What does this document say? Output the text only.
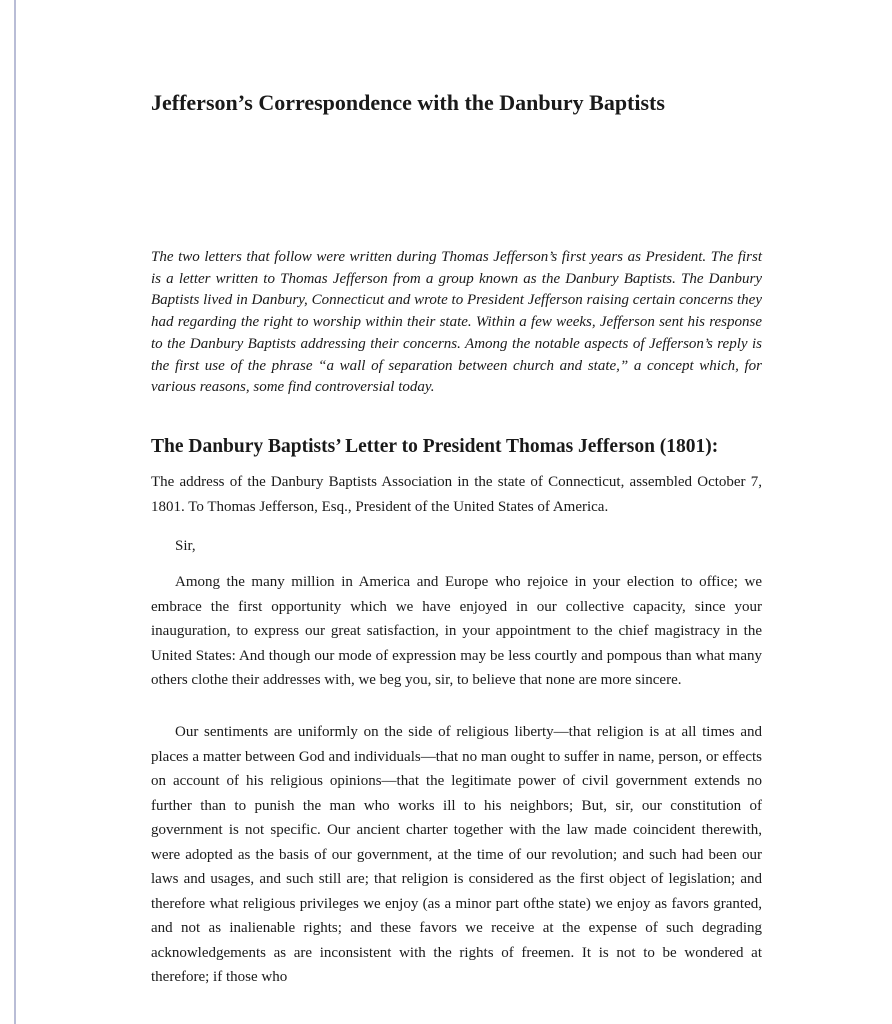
Jefferson’s Correspondence with the Danbury Baptists

The two letters that follow were written during Thomas Jefferson’s first years as President. The first is a letter written to Thomas Jefferson from a group known as the Danbury Baptists. The Danbury Baptists lived in Danbury, Connecticut and wrote to President Jefferson raising certain concerns they had regarding the right to worship within their state. Within a few weeks, Jefferson sent his response to the Danbury Baptists addressing their concerns. Among the notable aspects of Jefferson’s reply is the first use of the phrase “a wall of separation between church and state,” a concept which, for various reasons, some find controversial today.

The Danbury Baptists’ Letter to President Thomas Jefferson (1801):

The address of the Danbury Baptists Association in the state of Connecticut, assembled October 7, 1801. To Thomas Jefferson, Esq., President of the United States of America.

Sir,

Among the many million in America and Europe who rejoice in your election to office; we embrace the first opportunity which we have enjoyed in our collective capacity, since your inauguration, to express our great satisfaction, in your appointment to the chief magistracy in the United States: And though our mode of expression may be less courtly and pompous than what many others clothe their addresses with, we beg you, sir, to believe that none are more sincere.

Our sentiments are uniformly on the side of religious liberty—that religion is at all times and places a matter between God and individuals—that no man ought to suffer in name, person, or effects on account of his religious opinions—that the legitimate power of civil government extends no further than to punish the man who works ill to his neighbors; But, sir, our constitution of government is not specific. Our ancient charter together with the law made coincident therewith, were adopted as the basis of our government, at the time of our revolution; and such had been our laws and usages, and such still are; that religion is considered as the first object of legislation; and therefore what religious privileges we enjoy (as a minor part ofthe state) we enjoy as favors granted, and not as inalienable rights; and these favors we receive at the expense of such degrading acknowledgements as are inconsistent with the rights of freemen. It is not to be wondered at therefore; if those who
